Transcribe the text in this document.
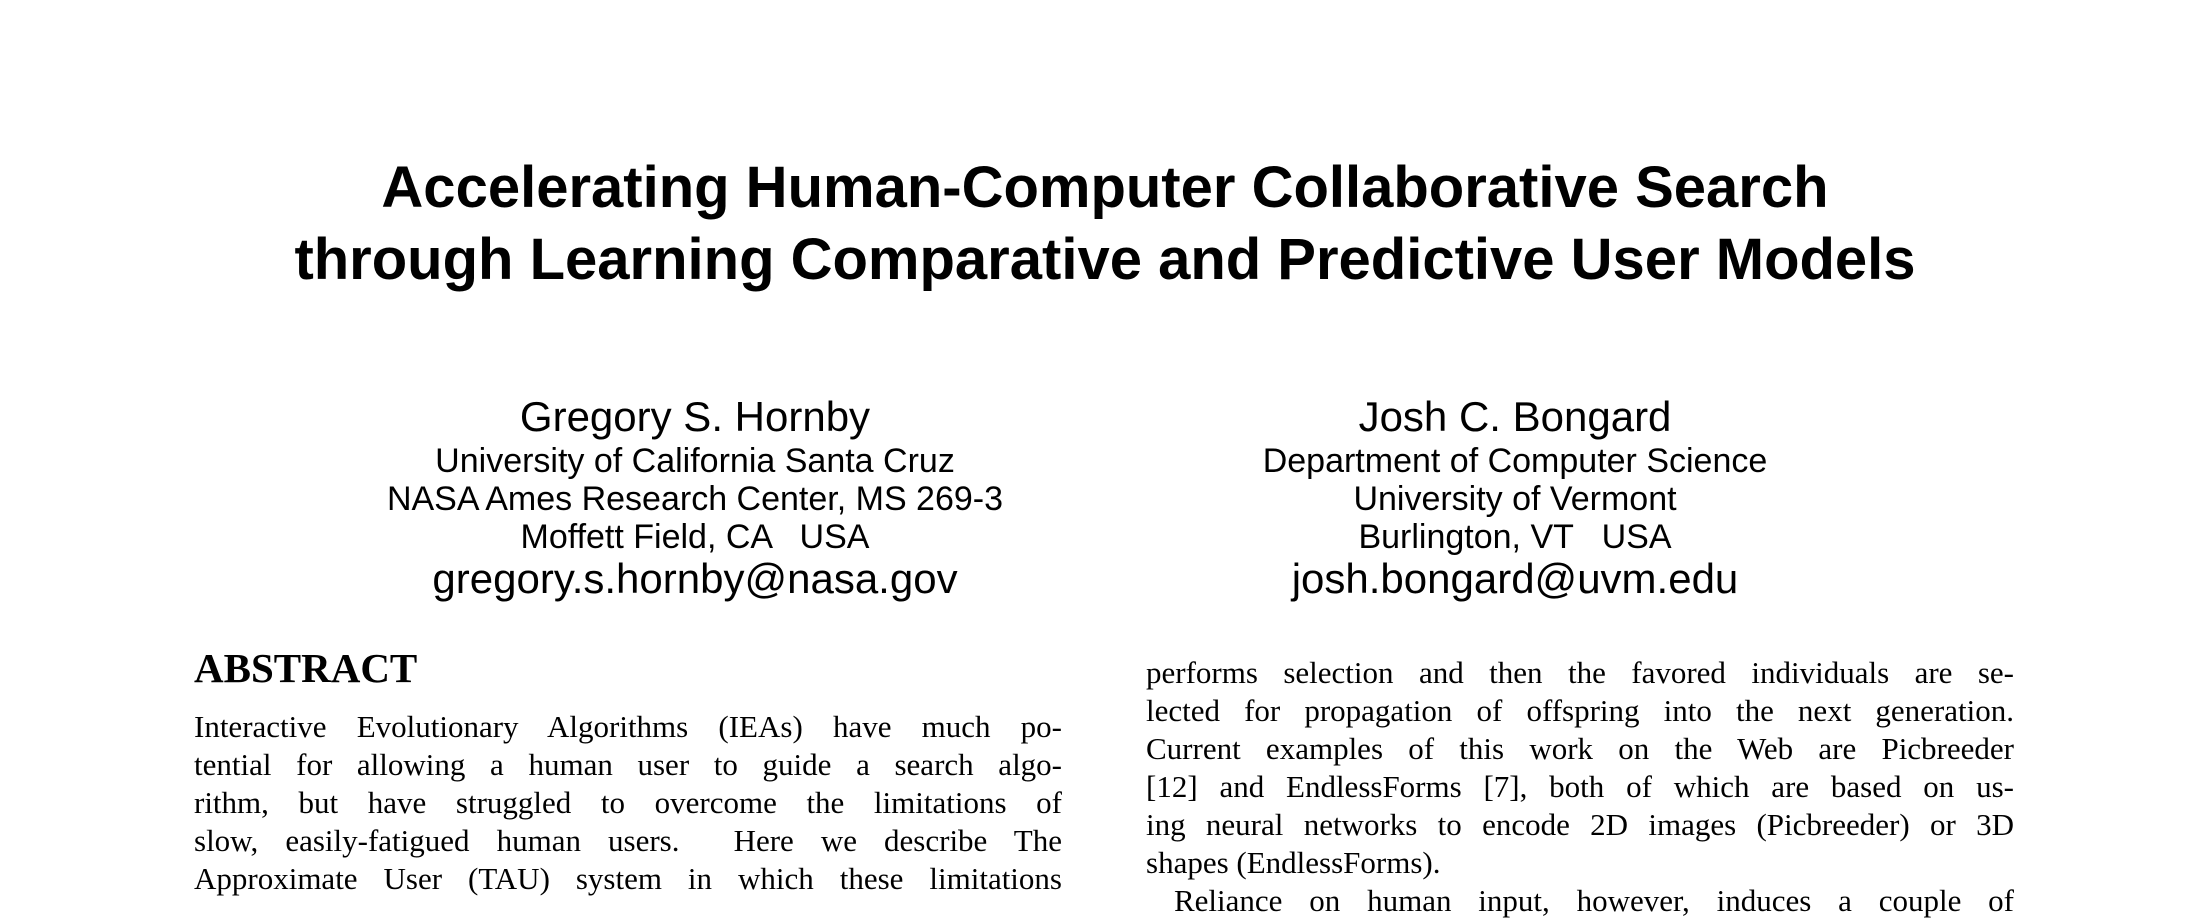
Accelerating Human-Computer Collaborative Search
through Learning Comparative and Predictive User Models
Gregory S. Hornby
University of California Santa Cruz
NASA Ames Research Center, MS 269-3
Moffett Field, CA   USA
gregory.s.hornby@nasa.gov
Josh C. Bongard
Department of Computer Science
University of Vermont
Burlington, VT   USA
josh.bongard@uvm.edu
ABSTRACT
Interactive Evolutionary Algorithms (IEAs) have much po-
tential for allowing a human user to guide a search algo-
rithm, but have struggled to overcome the limitations of
slow, easily-fatigued human users.  Here we describe The
Approximate User (TAU) system in which these limitations
performs selection and then the favored individuals are se-
lected for propagation of offspring into the next generation.
Current examples of this work on the Web are Picbreeder
[12] and EndlessForms [7], both of which are based on us-
ing neural networks to encode 2D images (Picbreeder) or 3D
shapes (EndlessForms).
Reliance on human input, however, induces a couple of
